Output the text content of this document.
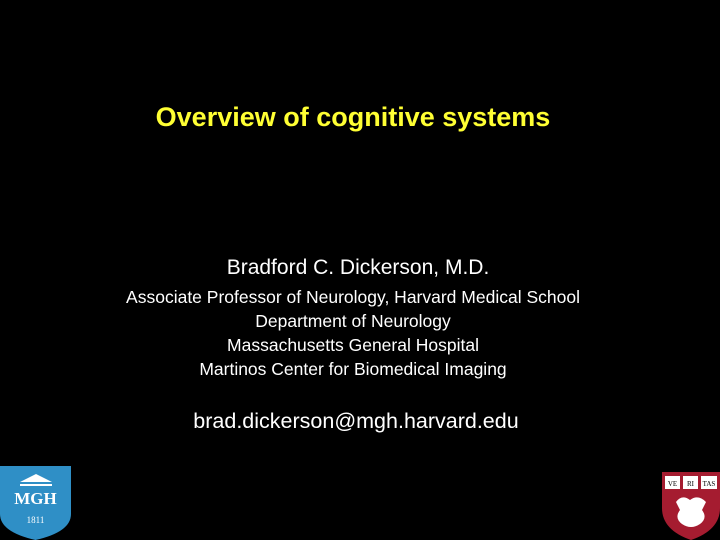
Overview of cognitive systems
Bradford C. Dickerson, M.D.
Associate Professor of Neurology, Harvard Medical School
Department of Neurology
Massachusetts General Hospital
Martinos Center for Biomedical Imaging
brad.dickerson@mgh.harvard.edu
MGH
1811
VE RI TAS
